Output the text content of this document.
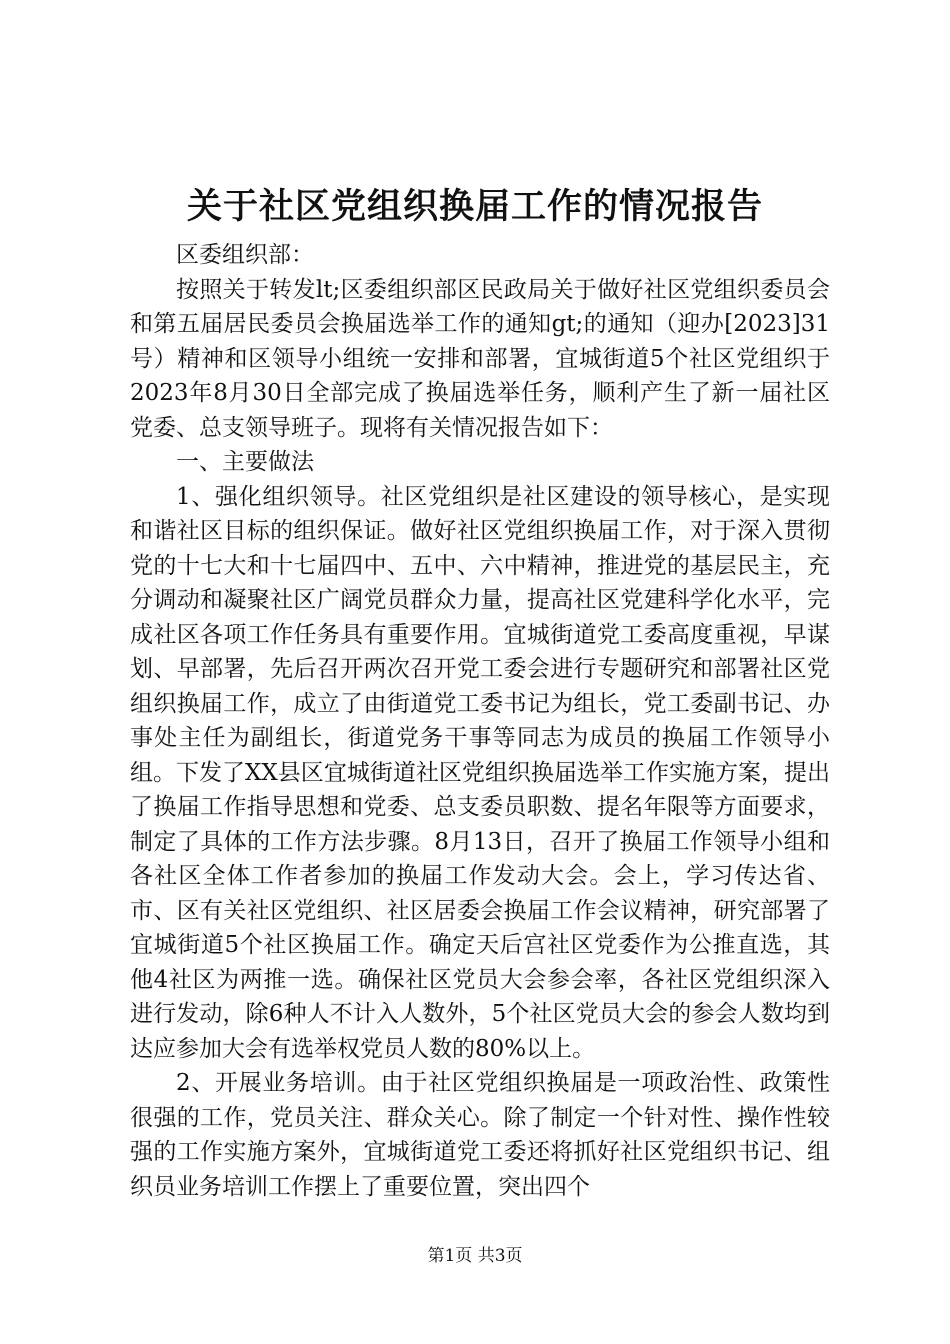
关于社区党组织换届工作的情况报告

区委组织部：

按照关于转发lt;区委组织部区民政局关于做好社区党组织委员会和第五届居民委员会换届选举工作的通知gt;的通知（迎办[2023]31号）精神和区领导小组统一安排和部署，宜城街道5个社区党组织于2023年8月30日全部完成了换届选举任务，顺利产生了新一届社区党委、总支领导班子。现将有关情况报告如下：

一、主要做法

1、强化组织领导。社区党组织是社区建设的领导核心，是实现和谐社区目标的组织保证。做好社区党组织换届工作，对于深入贯彻党的十七大和十七届四中、五中、六中精神，推进党的基层民主，充分调动和凝聚社区广阔党员群众力量，提高社区党建科学化水平，完成社区各项工作任务具有重要作用。宜城街道党工委高度重视，早谋划、早部署，先后召开两次召开党工委会进行专题研究和部署社区党组织换届工作，成立了由街道党工委书记为组长，党工委副书记、办事处主任为副组长，街道党务干事等同志为成员的换届工作领导小组。下发了XX县区宜城街道社区党组织换届选举工作实施方案，提出了换届工作指导思想和党委、总支委员职数、提名年限等方面要求，制定了具体的工作方法步骤。8月13日，召开了换届工作领导小组和各社区全体工作者参加的换届工作发动大会。会上，学习传达省、市、区有关社区党组织、社区居委会换届工作会议精神，研究部署了宜城街道5个社区换届工作。确定天后宫社区党委作为公推直选，其他4社区为两推一选。确保社区党员大会参会率，各社区党组织深入进行发动，除6种人不计入人数外，5个社区党员大会的参会人数均到达应参加大会有选举权党员人数的80%以上。

2、开展业务培训。由于社区党组织换届是一项政治性、政策性很强的工作，党员关注、群众关心。除了制定一个针对性、操作性较强的工作实施方案外，宜城街道党工委还将抓好社区党组织书记、组织员业务培训工作摆上了重要位置，突出四个

第1页 共3页
